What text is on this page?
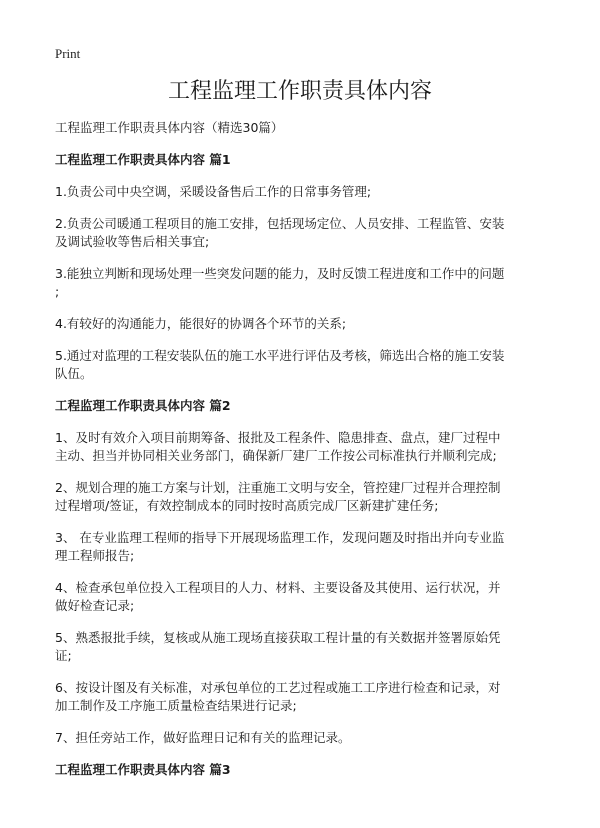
Print
工程监理工作职责具体内容
工程监理工作职责具体内容（精选30篇）
工程监理工作职责具体内容 篇1
1.负责公司中央空调，采暖设备售后工作的日常事务管理;
2.负责公司暖通工程项目的施工安排，包括现场定位、人员安排、工程监管、安装
及调试验收等售后相关事宜;
3.能独立判断和现场处理一些突发问题的能力，及时反馈工程进度和工作中的问题
;
4.有较好的沟通能力，能很好的协调各个环节的关系;
5.通过对监理的工程安装队伍的施工水平进行评估及考核，筛选出合格的施工安装
队伍。
工程监理工作职责具体内容 篇2
1、及时有效介入项目前期筹备、报批及工程条件、隐患排查、盘点，建厂过程中
主动、担当并协同相关业务部门，确保新厂建厂工作按公司标准执行并顺利完成;
2、规划合理的施工方案与计划，注重施工文明与安全，管控建厂过程并合理控制
过程增项/签证，有效控制成本的同时按时高质完成厂区新建扩建任务;
3、 在专业监理工程师的指导下开展现场监理工作，发现问题及时指出并向专业监
理工程师报告;
4、检查承包单位投入工程项目的人力、材料、主要设备及其使用、运行状况，并
做好检查记录;
5、熟悉报批手续，复核或从施工现场直接获取工程计量的有关数据并签署原始凭
证;
6、按设计图及有关标准，对承包单位的工艺过程或施工工序进行检查和记录，对
加工制作及工序施工质量检查结果进行记录;
7、担任旁站工作，做好监理日记和有关的监理记录。
工程监理工作职责具体内容 篇3
